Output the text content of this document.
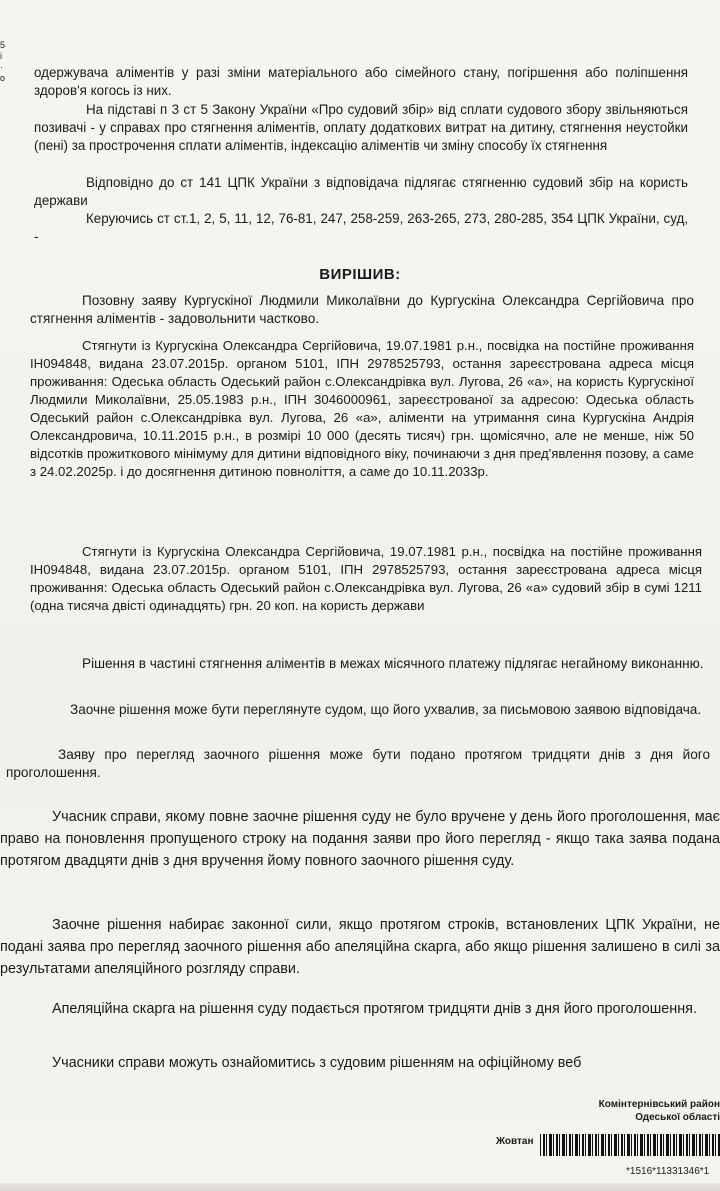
5
і
·
о	одержувача аліментів у разі зміни матеріального або сімейного стану, погіршення або поліпшення здоров'я когось із них.
На підставі п 3 ст 5 Закону України «Про судовий збір» від сплати судового збору звільняються позивачі - у справах про стягнення аліментів, оплату додаткових витрат на дитину, стягнення неустойки (пені) за прострочення сплати аліментів, індексацію аліментів чи зміну способу їх стягнення
Відповідно до ст 141 ЦПК України з відповідача підлягає стягненню судовий збір на користь держави
Керуючись ст ст.1, 2, 5, 11, 12, 76-81, 247, 258-259, 263-265, 273, 280-285, 354 ЦПК України, суд, -
ВИРІШИВ:
Позовну заяву Кургускіної Людмили Миколаївни до Кургускіна Олександра Сергійовича про стягнення аліментів - задовольнити частково.
Стягнути із Кургускіна Олександра Сергійовича, 19.07.1981 р.н., посвідка на постійне проживання ІН094848, видана 23.07.2015р. органом 5101, ІПН 2978525793, остання зареєстрована адреса місця проживання: Одеська область Одеський район с.Олександрівка вул. Лугова, 26 «а», на користь Кургускіної Людмили Миколаївни, 25.05.1983 р.н., ІПН 3046000961, зареєстрованої за адресою: Одеська область Одеський район с.Олександрівка вул. Лугова, 26 «а», аліменти на утримання сина Кургускіна Андрія Олександровича, 10.11.2015 р.н., в розмірі 10 000 (десять тисяч) грн. щомісячно, але не менше, ніж 50 відсотків прожиткового мінімуму для дитини відповідного віку, починаючи з дня пред'явлення позову, а саме з 24.02.2025р. і до досягнення дитиною повноліття, а саме до 10.11.2033р.
Стягнути із Кургускіна Олександра Сергійовича, 19.07.1981 р.н., посвідка на постійне проживання ІН094848, видана 23.07.2015р. органом 5101, ІПН 2978525793, остання зареєстрована адреса місця проживання: Одеська область Одеський район с.Олександрівка вул. Лугова, 26 «а» судовий збір в сумі 1211 (одна тисяча двісті одинадцять) грн. 20 коп. на користь держави
Рішення в частині стягнення аліментів в межах місячного платежу підлягає негайному виконанню.
Заочне рішення може бути переглянуте судом, що його ухвалив, за письмовою заявою відповідача.
Заяву про перегляд заочного рішення може бути подано протягом тридцяти днів з дня його проголошення.
Учасник справи, якому повне заочне рішення суду не було вручене у день його проголошення, має право на поновлення пропущеного строку на подання заяви про його перегляд - якщо така заява подана протягом двадцяти днів з дня вручення йому повного заочного рішення суду.
Заочне рішення набирає законної сили, якщо протягом строків, встановлених ЦПК України, не подані заява про перегляд заочного рішення або апеляційна скарга, або якщо рішення залишено в силі за результатами апеляційного розгляду справи.
Апеляційна скарга на рішення суду подається протягом тридцяти днів з дня його проголошення.
Учасники справи можуть ознайомитись з судовим рішенням на офіційному веб
Комінтернівський район
Одеської області
Жовтан
*1516*11331346*1
